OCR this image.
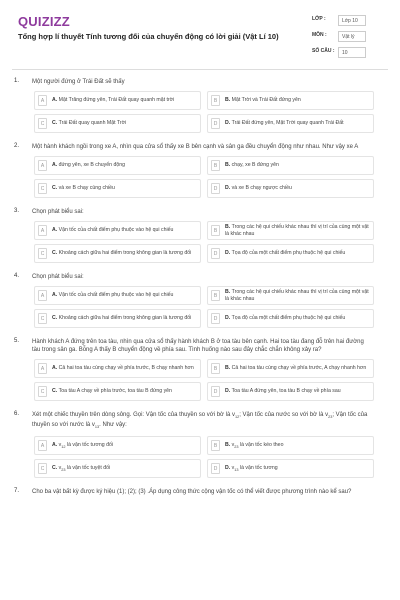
QUIZIZZ
Tổng hợp lí thuyết Tính tương đối của chuyển động có lời giải (Vật Lí 10)
LỚP :	Lớp 10
MÔN :	Vật lý
SỐ CÂU :	10
1. Một người đứng ở Trái Đất sẽ thấy
A	A. Mặt Trăng đứng yên, Trái Đất quay quanh mặt trời	B	B. Mặt Trời và Trái Đất đứng yên
C	C. Trái Đất quay quanh Mặt Trời	D	D. Trái Đất đứng yên, Mặt Trời quay quanh Trái Đất
2. Một hành khách ngồi trong xe A, nhìn qua cửa sổ thấy xe B bên cạnh và sân ga đều chuyển động như nhau. Như vậy xe A
A	A. đứng yên, xe B chuyển động	B	B. chạy, xe B đứng yên
C	C. và xe B chạy cùng chiều	D	D. và xe B chạy ngược chiều
3. Chọn phát biểu sai:
A	A. Vận tốc của chất điểm phụ thuộc vào hệ qui chiếu	B
B. Trong các hệ qui chiếu khác nhau thì vị trí của cùng một vật là khác nhau
C	C. Khoảng cách giữa hai điểm trong không gian là tương đối	D	D. Tọa độ của một chất điểm phụ thuộc hệ qui chiếu
4. Chọn phát biểu sai:
A	A. Vận tốc của chất điểm phụ thuộc vào hệ qui chiếu	B
B. Trong các hệ qui chiếu khác nhau thì vị trí của cùng một vật là khác nhau
C	C. Khoảng cách giữa hai điểm trong không gian là tương đối	D	D. Tọa độ của một chất điểm phụ thuộc hệ qui chiếu
5. Hành khách A đứng trên toa tàu, nhìn qua cửa sổ thấy hành khách B ở toa tàu bên cạnh. Hai toa tàu đang đỗ trên hai đường tàu trong sân ga. Bỗng A thấy B chuyển động về phía sau. Tình huống nào sau đây chắc chắn không xảy ra?
A	A. Cả hai toa tàu cùng chạy về phía trước, B chạy nhanh hơn	B	B. Cả hai toa tàu cùng chạy về phía trước, A chạy nhanh hơn
C	C. Toa tàu A chạy về phía trước, toa tàu B đứng yên	D	D. Toa tàu A đứng yên, toa tàu B chạy về phía sau
6. Xét một chiếc thuyền trên dòng sông. Gọi: Vận tốc của thuyền so với bờ là $v_{12}$; Vận tốc của nước so với bờ là $v_{23}$; Vận tốc của thuyền so với nước là $v_{13}$. Như vậy:
A	A. $v_{12}$ là vận tốc tương đối	B	B. $v_{23}$ là vận tốc kéo theo
C	C. $v_{23}$ là vận tốc tuyệt đối	D	D. $v_{13}$ là vận tốc tương
7. Cho ba vật bất kỳ được ký hiệu (1); (2); (3) .Áp dụng công thức cộng vận tốc có thể viết được phương trình nào kể sau?
